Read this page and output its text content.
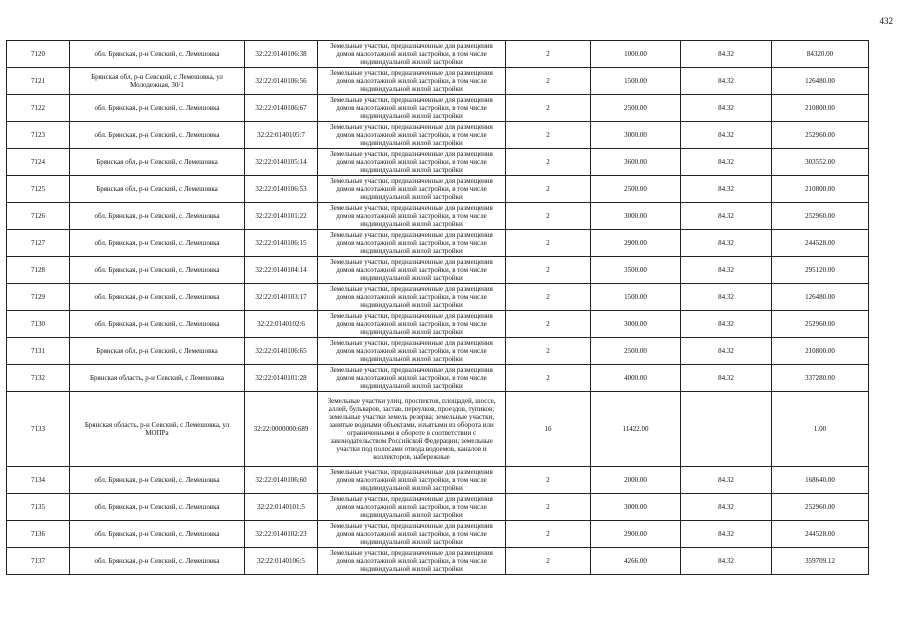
432
7120	обл. Брянская, р-н Севский, с. Лемешовка	32:22:0140106:38	Земельные участки, предназначенные для размещения домов малоэтажной жилой застройки, в том числе индивидуальной жилой застройки	2	1000.00	84.32	84320.00
7121	Брянская обл, р-н Севский, с Лемешовка, ул Молодежная, 30/1	32:22:0140106:56	Земельные участки, предназначенные для размещения домов малоэтажной жилой застройки, в том числе индивидуальной жилой застройки	2	1500.00	84.32	126480.00
7122	обл. Брянская, р-н Севский, с. Лемешовка	32:22:0140106:67	Земельные участки, предназначенные для размещения домов малоэтажной жилой застройки, в том числе индивидуальной жилой застройки	2	2500.00	84.32	210800.00
7123	обл. Брянская, р-н Севский, с. Лемешовка	32:22:0140105:7	Земельные участки, предназначенные для размещения домов малоэтажной жилой застройки, в том числе индивидуальной жилой застройки	2	3000.00	84.32	252960.00
7124	Брянская обл, р-н Севский, с Лемешовка	32:22:0140105:14	Земельные участки, предназначенные для размещения домов малоэтажной жилой застройки, в том числе индивидуальной жилой застройки	2	3600.00	84.32	303552.00
7125	Брянская обл, р-н Севский, с Лемешовка	32:22:0140106:53	Земельные участки, предназначенные для размещения домов малоэтажной жилой застройки, в том числе индивидуальной жилой застройки	2	2500.00	84.32	210800.00
7126	обл. Брянская, р-н Севский, с. Лемешовка	32:22:0140101:22	Земельные участки, предназначенные для размещения домов малоэтажной жилой застройки, в том числе индивидуальной жилой застройки	2	3000.00	84.32	252960.00
7127	обл. Брянская, р-н Севский, с. Лемешовка	32:22:0140106:15	Земельные участки, предназначенные для размещения домов малоэтажной жилой застройки, в том числе индивидуальной жилой застройки	2	2900.00	84.32	244528.00
7128	обл. Брянская, р-н Севский, с. Лемешовка	32:22:0140104:14	Земельные участки, предназначенные для размещения домов малоэтажной жилой застройки, в том числе индивидуальной жилой застройки	2	3500.00	84.32	295120.00
7129	обл. Брянская, р-н Севский, с. Лемешовка	32:22:0140103:17	Земельные участки, предназначенные для размещения домов малоэтажной жилой застройки, в том числе индивидуальной жилой застройки	2	1500.00	84.32	126480.00
7130	обл. Брянская, р-н Севский, с. Лемешовка	32:22:0140102:6	Земельные участки, предназначенные для размещения домов малоэтажной жилой застройки, в том числе индивидуальной жилой застройки	2	3000.00	84.32	252960.00
7131	Брянская обл, р-н Севский, с Лемешовка	32:22:0140106:65	Земельные участки, предназначенные для размещения домов малоэтажной жилой застройки, в том числе индивидуальной жилой застройки	2	2500.00	84.32	210800.00
7132	Брянская область, р-н Севский, с Лемешовка	32:22:0140101:28	Земельные участки, предназначенные для размещения домов малоэтажной жилой застройки, в том числе индивидуальной жилой застройки	2	4000.00	84.32	337280.00
7133	Брянская область, р-н Севский, с Лемешовка, ул МОПРа	32:22:0000000:689	Земельные участки улиц, проспектов, площадей, шоссе, аллей, бульваров, застав, переулков, проездов, тупиков; земельные участки земель резерва; земельные участки, занятые водными объектами, изъятыми из оборота или ограниченными в обороте в соответствии с законодательством Российской Федерации; земельные участки под полосами отвода водоемов, каналов и коллекторов, набережные	16	11422.00		1.00
7134	обл. Брянская, р-н Севский, с. Лемешовка	32:22:0140106:60	Земельные участки, предназначенные для размещения домов малоэтажной жилой застройки, в том числе индивидуальной жилой застройки	2	2000.00	84.32	168640.00
7135	обл. Брянская, р-н Севский, с. Лемешовка	32:22:0140101:5	Земельные участки, предназначенные для размещения домов малоэтажной жилой застройки, в том числе индивидуальной жилой застройки	2	3000.00	84.32	252960.00
7136	обл. Брянская, р-н Севский, с. Лемешовка	32:22:0140102:23	Земельные участки, предназначенные для размещения домов малоэтажной жилой застройки, в том числе индивидуальной жилой застройки	2	2900.00	84.32	244528.00
7137	обл. Брянская, р-н Севский, с. Лемешовка	32:22:0140106:5	Земельные участки, предназначенные для размещения домов малоэтажной жилой застройки, в том числе индивидуальной жилой застройки	2	4266.00	84.32	359709.12
